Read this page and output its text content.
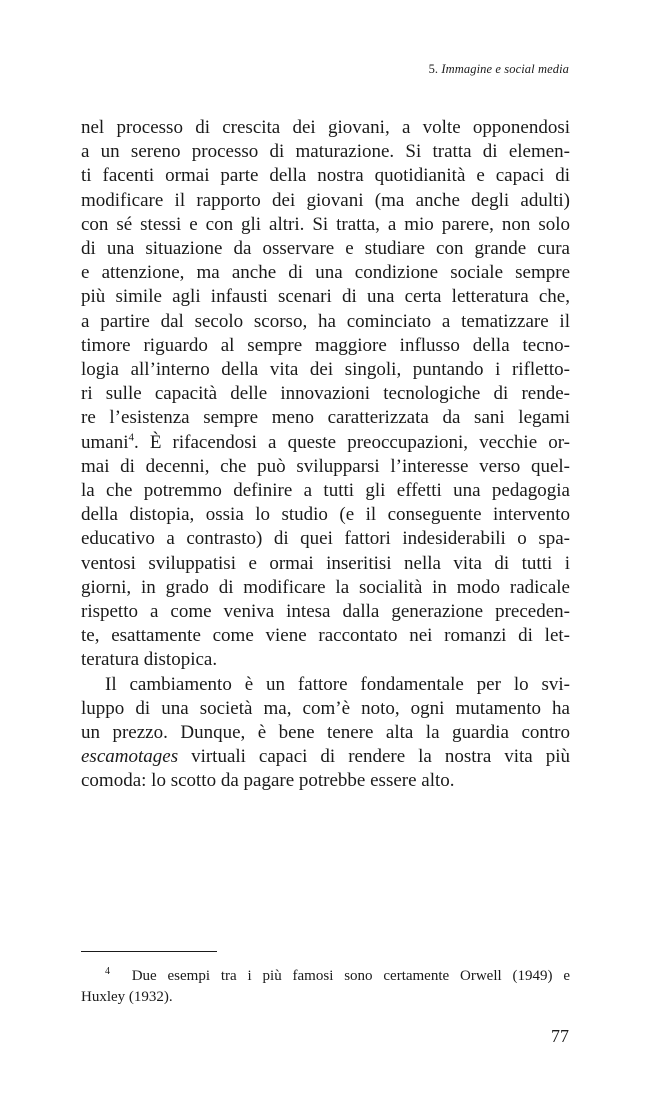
5. Immagine e social media
nel processo di crescita dei giovani, a volte opponendosi
a un sereno processo di maturazione. Si tratta di elemen-
ti facenti ormai parte della nostra quotidianità e capaci di
modificare il rapporto dei giovani (ma anche degli adulti)
con sé stessi e con gli altri. Si tratta, a mio parere, non solo
di una situazione da osservare e studiare con grande cura
e attenzione, ma anche di una condizione sociale sempre
più simile agli infausti scenari di una certa letteratura che,
a partire dal secolo scorso, ha cominciato a tematizzare il
timore riguardo al sempre maggiore influsso della tecno-
logia all’interno della vita dei singoli, puntando i rifletto-
ri sulle capacità delle innovazioni tecnologiche di rende-
re l’esistenza sempre meno caratterizzata da sani legami
umani$^4$. È rifacendosi a queste preoccupazioni, vecchie or-
mai di decenni, che può svilupparsi l’interesse verso quel-
la che potremmo definire a tutti gli effetti una pedagogia
della distopia, ossia lo studio (e il conseguente intervento
educativo a contrasto) di quei fattori indesiderabili o spa-
ventosi sviluppatisi e ormai inseritisi nella vita di tutti i
giorni, in grado di modificare la socialità in modo radicale
rispetto a come veniva intesa dalla generazione preceden-
te, esattamente come viene raccontato nei romanzi di let-
teratura distopica.
Il cambiamento è un fattore fondamentale per lo svi-
luppo di una società ma, com’è noto, ogni mutamento ha
un prezzo. Dunque, è bene tenere alta la guardia contro
escamotages virtuali capaci di rendere la nostra vita più
comoda: lo scotto da pagare potrebbe essere alto.
$^4$ Due esempi tra i più famosi sono certamente Orwell (1949) e
Huxley (1932).
77
